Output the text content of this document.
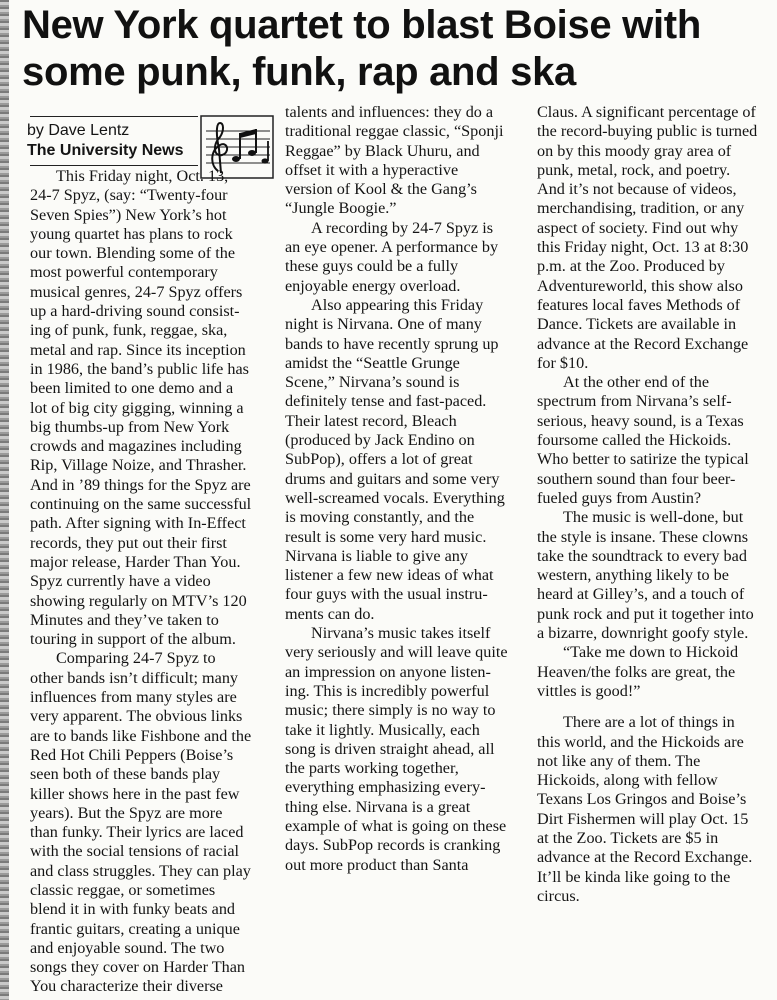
New York quartet to blast Boise with
some punk, funk, rap and ska
by Dave Lentz
The University News
This Friday night, Oct. 13,
24-7 Spyz, (say: “Twenty-four
Seven Spies”) New York’s hot
young quartet has plans to rock
our town. Blending some of the
most powerful contemporary
musical genres, 24-7 Spyz offers
up a hard-driving sound consist-
ing of punk, funk, reggae, ska,
metal and rap. Since its inception
in 1986, the band’s public life has
been limited to one demo and a
lot of big city gigging, winning a
big thumbs-up from New York
crowds and magazines including
Rip, Village Noize, and Thrasher.
And in ’89 things for the Spyz are
continuing on the same successful
path. After signing with In-Effect
records, they put out their first
major release, Harder Than You.
Spyz currently have a video
showing regularly on MTV’s 120
Minutes and they’ve taken to
touring in support of the album.
Comparing 24-7 Spyz to
other bands isn’t difficult; many
influences from many styles are
very apparent. The obvious links
are to bands like Fishbone and the
Red Hot Chili Peppers (Boise’s
seen both of these bands play
killer shows here in the past few
years). But the Spyz are more
than funky. Their lyrics are laced
with the social tensions of racial
and class struggles. They can play
classic reggae, or sometimes
blend it in with funky beats and
frantic guitars, creating a unique
and enjoyable sound. The two
songs they cover on Harder Than
You characterize their diverse
talents and influences: they do a
traditional reggae classic, “Sponji
Reggae” by Black Uhuru, and
offset it with a hyperactive
version of Kool & the Gang’s
“Jungle Boogie.”
A recording by 24-7 Spyz is
an eye opener. A performance by
these guys could be a fully
enjoyable energy overload.
Also appearing this Friday
night is Nirvana. One of many
bands to have recently sprung up
amidst the “Seattle Grunge
Scene,” Nirvana’s sound is
definitely tense and fast-paced.
Their latest record, Bleach
(produced by Jack Endino on
SubPop), offers a lot of great
drums and guitars and some very
well-screamed vocals. Everything
is moving constantly, and the
result is some very hard music.
Nirvana is liable to give any
listener a few new ideas of what
four guys with the usual instru-
ments can do.
Nirvana’s music takes itself
very seriously and will leave quite
an impression on anyone listen-
ing. This is incredibly powerful
music; there simply is no way to
take it lightly. Musically, each
song is driven straight ahead, all
the parts working together,
everything emphasizing every-
thing else. Nirvana is a great
example of what is going on these
days. SubPop records is cranking
out more product than Santa
Claus. A significant percentage of
the record-buying public is turned
on by this moody gray area of
punk, metal, rock, and poetry.
And it’s not because of videos,
merchandising, tradition, or any
aspect of society. Find out why
this Friday night, Oct. 13 at 8:30
p.m. at the Zoo. Produced by
Adventureworld, this show also
features local faves Methods of
Dance. Tickets are available in
advance at the Record Exchange
for $10.
At the other end of the
spectrum from Nirvana’s self-
serious, heavy sound, is a Texas
foursome called the Hickoids.
Who better to satirize the typical
southern sound than four beer-
fueled guys from Austin?
The music is well-done, but
the style is insane. These clowns
take the soundtrack to every bad
western, anything likely to be
heard at Gilley’s, and a touch of
punk rock and put it together into
a bizarre, downright goofy style.
“Take me down to Hickoid
Heaven/the folks are great, the
vittles is good!”
There are a lot of things in
this world, and the Hickoids are
not like any of them. The
Hickoids, along with fellow
Texans Los Gringos and Boise’s
Dirt Fishermen will play Oct. 15
at the Zoo. Tickets are $5 in
advance at the Record Exchange.
It’ll be kinda like going to the
circus.
